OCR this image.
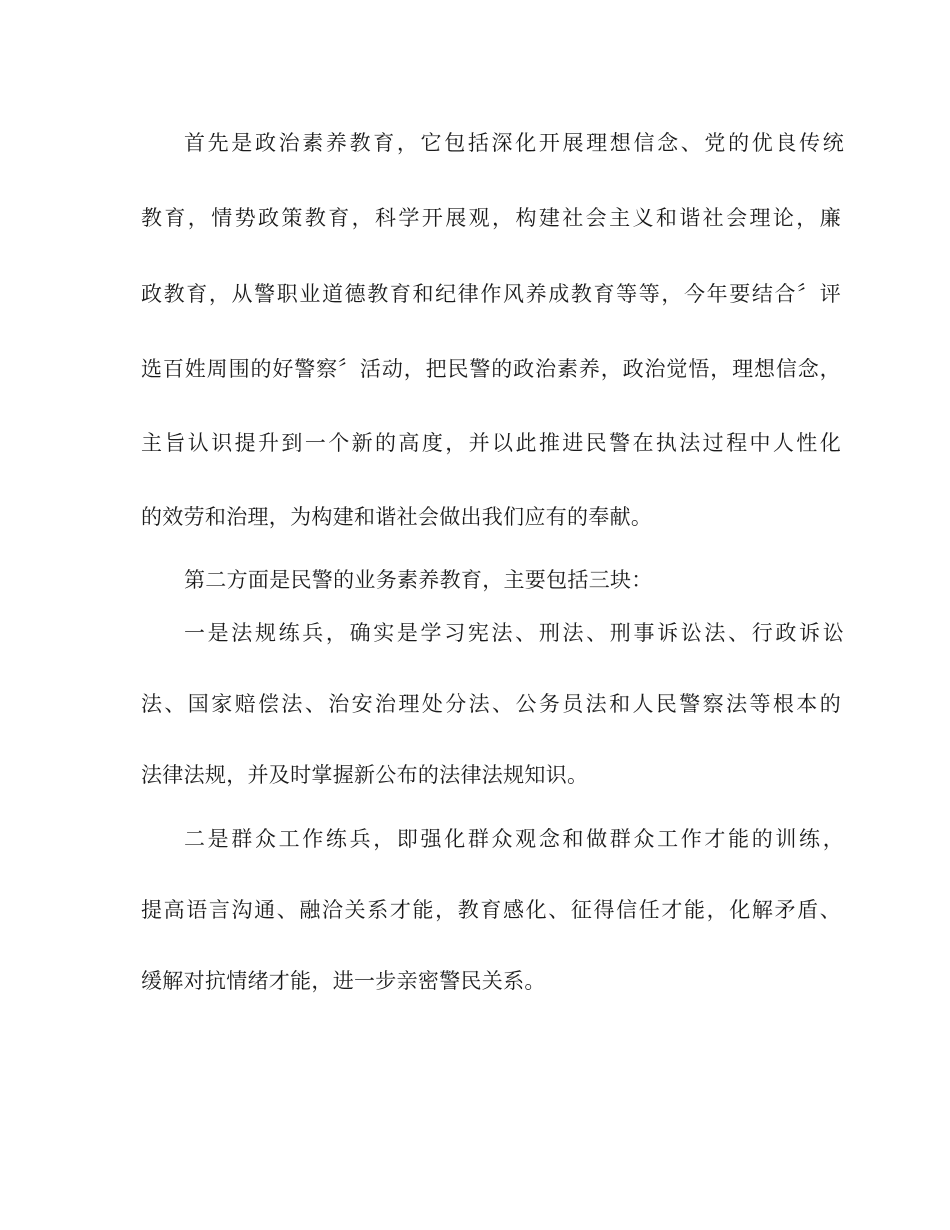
首先是政治素养教育，它包括深化开展理想信念、党的优良传统
教育，情势政策教育，科学开展观，构建社会主义和谐社会理论，廉
政教育，从警职业道德教育和纪律作风养成教育等等，今年要结合〞评
选百姓周围的好警察〞活动，把民警的政治素养，政治觉悟，理想信念，
主旨认识提升到一个新的高度，并以此推进民警在执法过程中人性化
的效劳和治理，为构建和谐社会做出我们应有的奉献。
第二方面是民警的业务素养教育，主要包括三块：
一是法规练兵，确实是学习宪法、刑法、刑事诉讼法、行政诉讼
法、国家赔偿法、治安治理处分法、公务员法和人民警察法等根本的
法律法规，并及时掌握新公布的法律法规知识。
二是群众工作练兵，即强化群众观念和做群众工作才能的训练，
提高语言沟通、融洽关系才能，教育感化、征得信任才能，化解矛盾、
缓解对抗情绪才能，进一步亲密警民关系。
